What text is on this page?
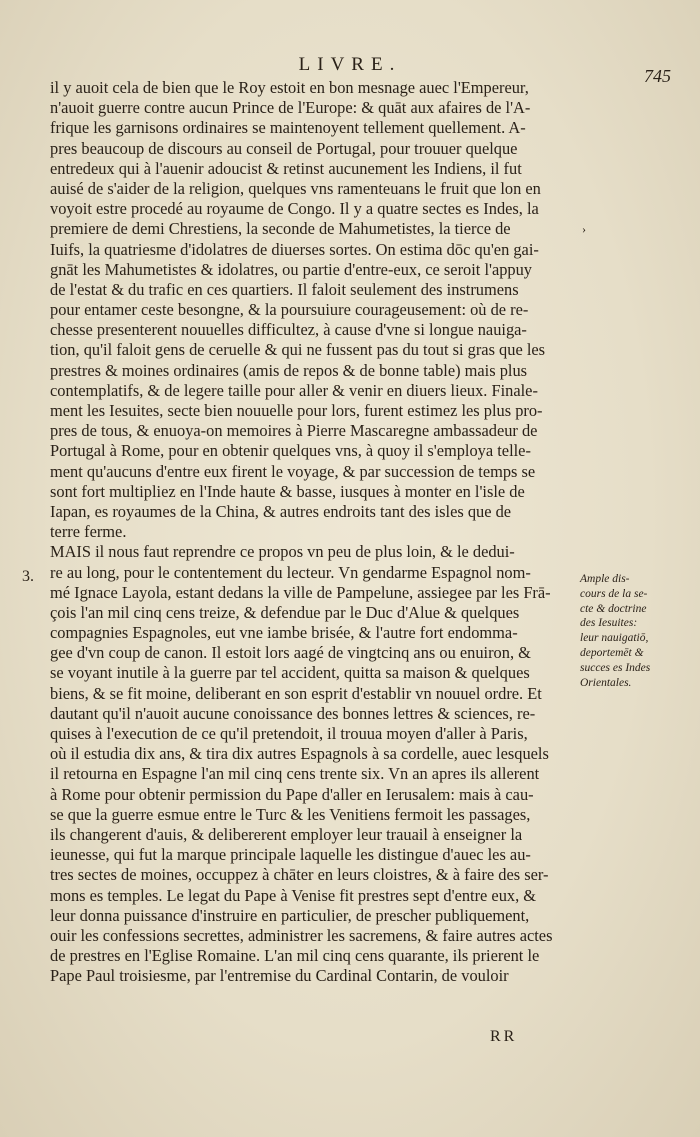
LIVRE.
745
›
il y auoit cela de bien que le Roy estoit en bon mesnage auec l'Empereur,
n'auoit guerre contre aucun Prince de l'Europe: & quāt aux afaires de l'A-
frique les garnisons ordinaires se maintenoyent tellement quellement. A-
pres beaucoup de discours au conseil de Portugal, pour trouuer quelque
entredeux qui à l'auenir adoucist & retinst aucunement les Indiens, il fut
auisé de s'aider de la religion, quelques vns ramenteuans le fruit que lon en
voyoit estre procedé au royaume de Congo. Il y a quatre sectes es Indes, la
premiere de demi Chrestiens, la seconde de Mahumetistes, la tierce de
Iuifs, la quatriesme d'idolatres de diuerses sortes. On estima dōc qu'en gai-
gnāt les Mahumetistes & idolatres, ou partie d'entre-eux, ce seroit l'appuy
de l'estat & du trafic en ces quartiers. Il faloit seulement des instrumens
pour entamer ceste besongne, & la poursuiure courageusement: où de re-
chesse presenterent nouuelles difficultez, à cause d'vne si longue nauiga-
tion, qu'il faloit gens de ceruelle & qui ne fussent pas du tout si gras que les
prestres & moines ordinaires (amis de repos & de bonne table) mais plus
contemplatifs, & de legere taille pour aller & venir en diuers lieux. Finale-
ment les Iesuites, secte bien nouuelle pour lors, furent estimez les plus pro-
pres de tous, & enuoya-on memoires à Pierre Mascaregne ambassadeur de
Portugal à Rome, pour en obtenir quelques vns, à quoy il s'employa telle-
ment qu'aucuns d'entre eux firent le voyage, & par succession de temps se
sont fort multipliez en l'Inde haute & basse, iusques à monter en l'isle de
Iapan, es royaumes de la China, & autres endroits tant des isles que de
terre ferme.
MAIS il nous faut reprendre ce propos vn peu de plus loin, & le dedui-
re au long, pour le contentement du lecteur. Vn gendarme Espagnol nom-
mé Ignace Layola, estant dedans la ville de Pampelune, assiegee par les Frā-
çois l'an mil cinq cens treize, & defendue par le Duc d'Alue & quelques
compagnies Espagnoles, eut vne iambe brisée, & l'autre fort endomma-
gee d'vn coup de canon. Il estoit lors aagé de vingtcinq ans ou enuiron, &
se voyant inutile à la guerre par tel accident, quitta sa maison & quelques
biens, & se fit moine, deliberant en son esprit d'establir vn nouuel ordre. Et
dautant qu'il n'auoit aucune conoissance des bonnes lettres & sciences, re-
quises à l'execution de ce qu'il pretendoit, il trouua moyen d'aller à Paris,
où il estudia dix ans, & tira dix autres Espagnols à sa cordelle, auec lesquels
il retourna en Espagne l'an mil cinq cens trente six. Vn an apres ils allerent
à Rome pour obtenir permission du Pape d'aller en Ierusalem: mais à cau-
se que la guerre esmue entre le Turc & les Venitiens fermoit les passages,
ils changerent d'auis, & delibererent employer leur trauail à enseigner la
ieunesse, qui fut la marque principale laquelle les distingue d'auec les au-
tres sectes de moines, occuppez à chāter en leurs cloistres, & à faire des ser-
mons es temples. Le legat du Pape à Venise fit prestres sept d'entre eux, &
leur donna puissance d'instruire en particulier, de prescher publiquement,
ouir les confessions secrettes, administrer les sacremens, & faire autres actes
de prestres en l'Eglise Romaine. L'an mil cinq cens quarante, ils prierent le
Pape Paul troisiesme, par l'entremise du Cardinal Contarin, de vouloir
3.	Ample dis-
cours de la se-
cte & doctrine
des Iesuites:
leur nauigatiō,
deportemēt &
succes es Indes
Orientales.
RR
